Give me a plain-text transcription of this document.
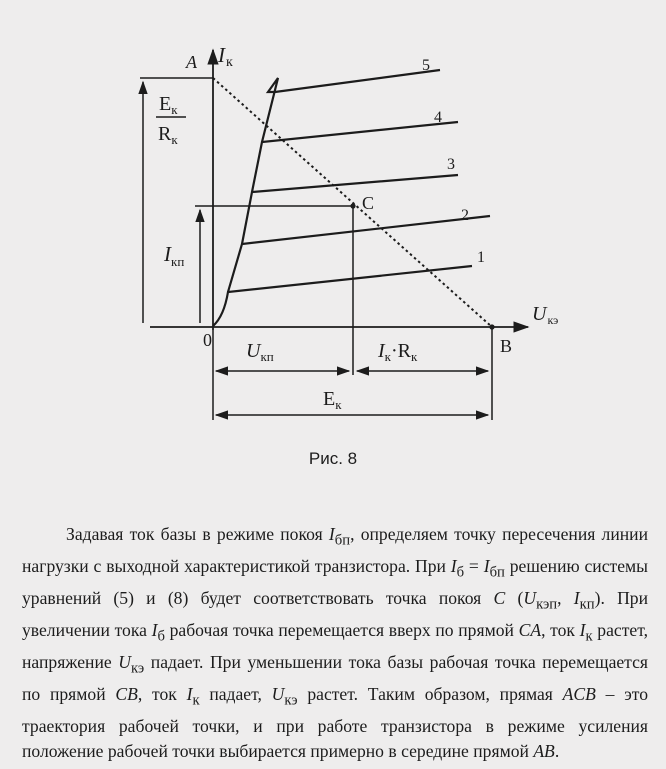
A Iк
$U_{кэ}$
0
C
B
$E_к$
$R_к$
$I_{кп}$
$U_{кп}$	$I_к\cdot R_к$
$E_к$
1
2
3
4
5
Рис. 8

Задавая ток базы в режиме покоя $I_{бп}$, определяем точку пересечения линии нагрузки с выходной характеристикой транзистора. При $I_б = I_{бп}$ решению системы уравнений (5) и (8) будет соответствовать точка покоя C ($U_{кэп}$, $I_{кп}$). При увеличении тока $I_б$ рабочая точка перемещается вверх по прямой CA, ток $I_к$ растет, напряжение $U_{кэ}$ падает. При уменьшении тока базы рабочая точка перемещается по прямой CB, ток $I_к$ падает, $U_{кэ}$ растет. Таким образом, прямая ACB – это траектория рабочей точки, и при работе транзистора в режиме усиления положение рабочей точки выбирается примерно в середине прямой AB.
